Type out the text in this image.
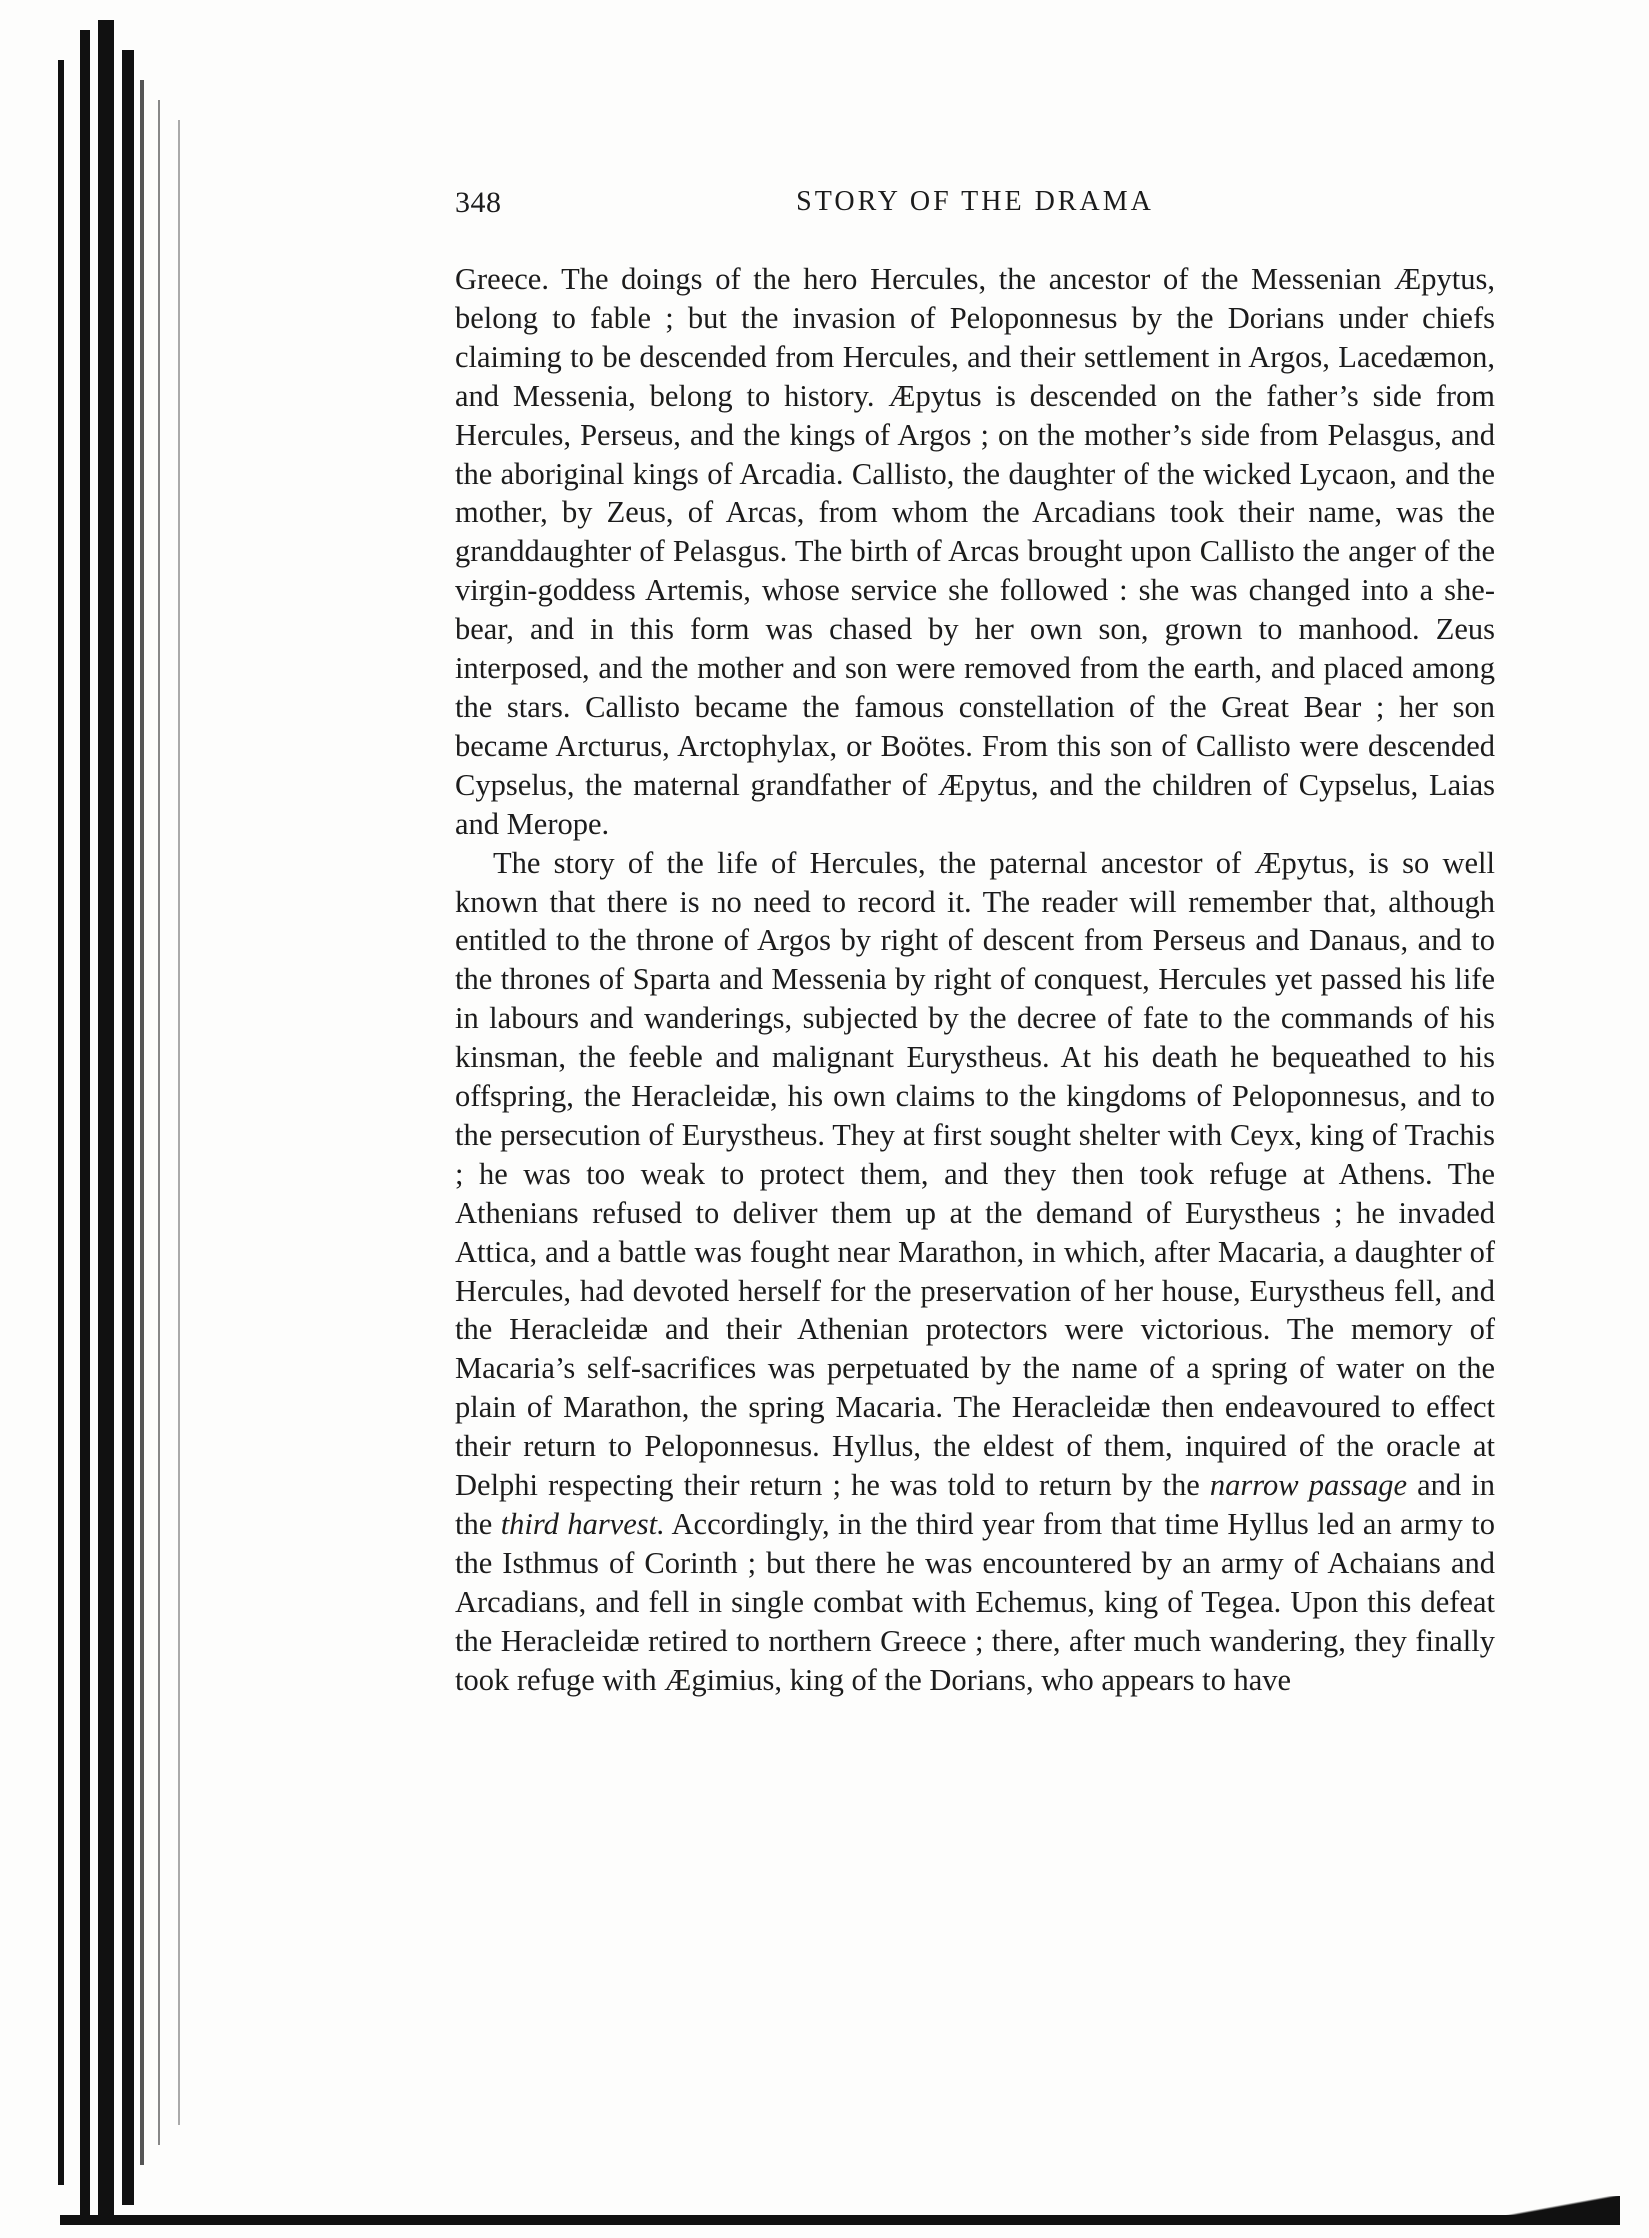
348	STORY OF THE DRAMA

Greece. The doings of the hero Hercules, the ancestor of the Messenian Æpytus, belong to fable ; but the invasion of Peloponnesus by the Dorians under chiefs claiming to be descended from Hercules, and their settlement in Argos, Lacedæmon, and Messenia, belong to history. Æpytus is descended on the father’s side from Hercules, Perseus, and the kings of Argos ; on the mother’s side from Pelasgus, and the aboriginal kings of Arcadia. Callisto, the daughter of the wicked Lycaon, and the mother, by Zeus, of Arcas, from whom the Arcadians took their name, was the granddaughter of Pelasgus. The birth of Arcas brought upon Callisto the anger of the virgin-goddess Artemis, whose service she followed : she was changed into a she-bear, and in this form was chased by her own son, grown to manhood. Zeus interposed, and the mother and son were removed from the earth, and placed among the stars. Callisto became the famous constellation of the Great Bear ; her son became Arcturus, Arctophylax, or Boötes. From this son of Callisto were descended Cypselus, the maternal grandfather of Æpytus, and the children of Cypselus, Laias and Merope.

The story of the life of Hercules, the paternal ancestor of Æpytus, is so well known that there is no need to record it. The reader will remember that, although entitled to the throne of Argos by right of descent from Perseus and Danaus, and to the thrones of Sparta and Messenia by right of conquest, Hercules yet passed his life in labours and wanderings, subjected by the decree of fate to the commands of his kinsman, the feeble and malignant Eurystheus. At his death he bequeathed to his offspring, the Heracleidæ, his own claims to the kingdoms of Peloponnesus, and to the persecution of Eurystheus. They at first sought shelter with Ceyx, king of Trachis ; he was too weak to protect them, and they then took refuge at Athens. The Athenians refused to deliver them up at the demand of Eurystheus ; he invaded Attica, and a battle was fought near Marathon, in which, after Macaria, a daughter of Hercules, had devoted herself for the preservation of her house, Eurystheus fell, and the Heracleidæ and their Athenian protectors were victorious. The memory of Macaria’s self-sacrifices was perpetuated by the name of a spring of water on the plain of Marathon, the spring Macaria. The Heracleidæ then endeavoured to effect their return to Peloponnesus. Hyllus, the eldest of them, inquired of the oracle at Delphi respecting their return ; he was told to return by the narrow passage and in the third harvest. Accordingly, in the third year from that time Hyllus led an army to the Isthmus of Corinth ; but there he was encountered by an army of Achaians and Arcadians, and fell in single combat with Echemus, king of Tegea. Upon this defeat the Heracleidæ retired to northern Greece ; there, after much wandering, they finally took refuge with Ægimius, king of the Dorians, who appears to have
